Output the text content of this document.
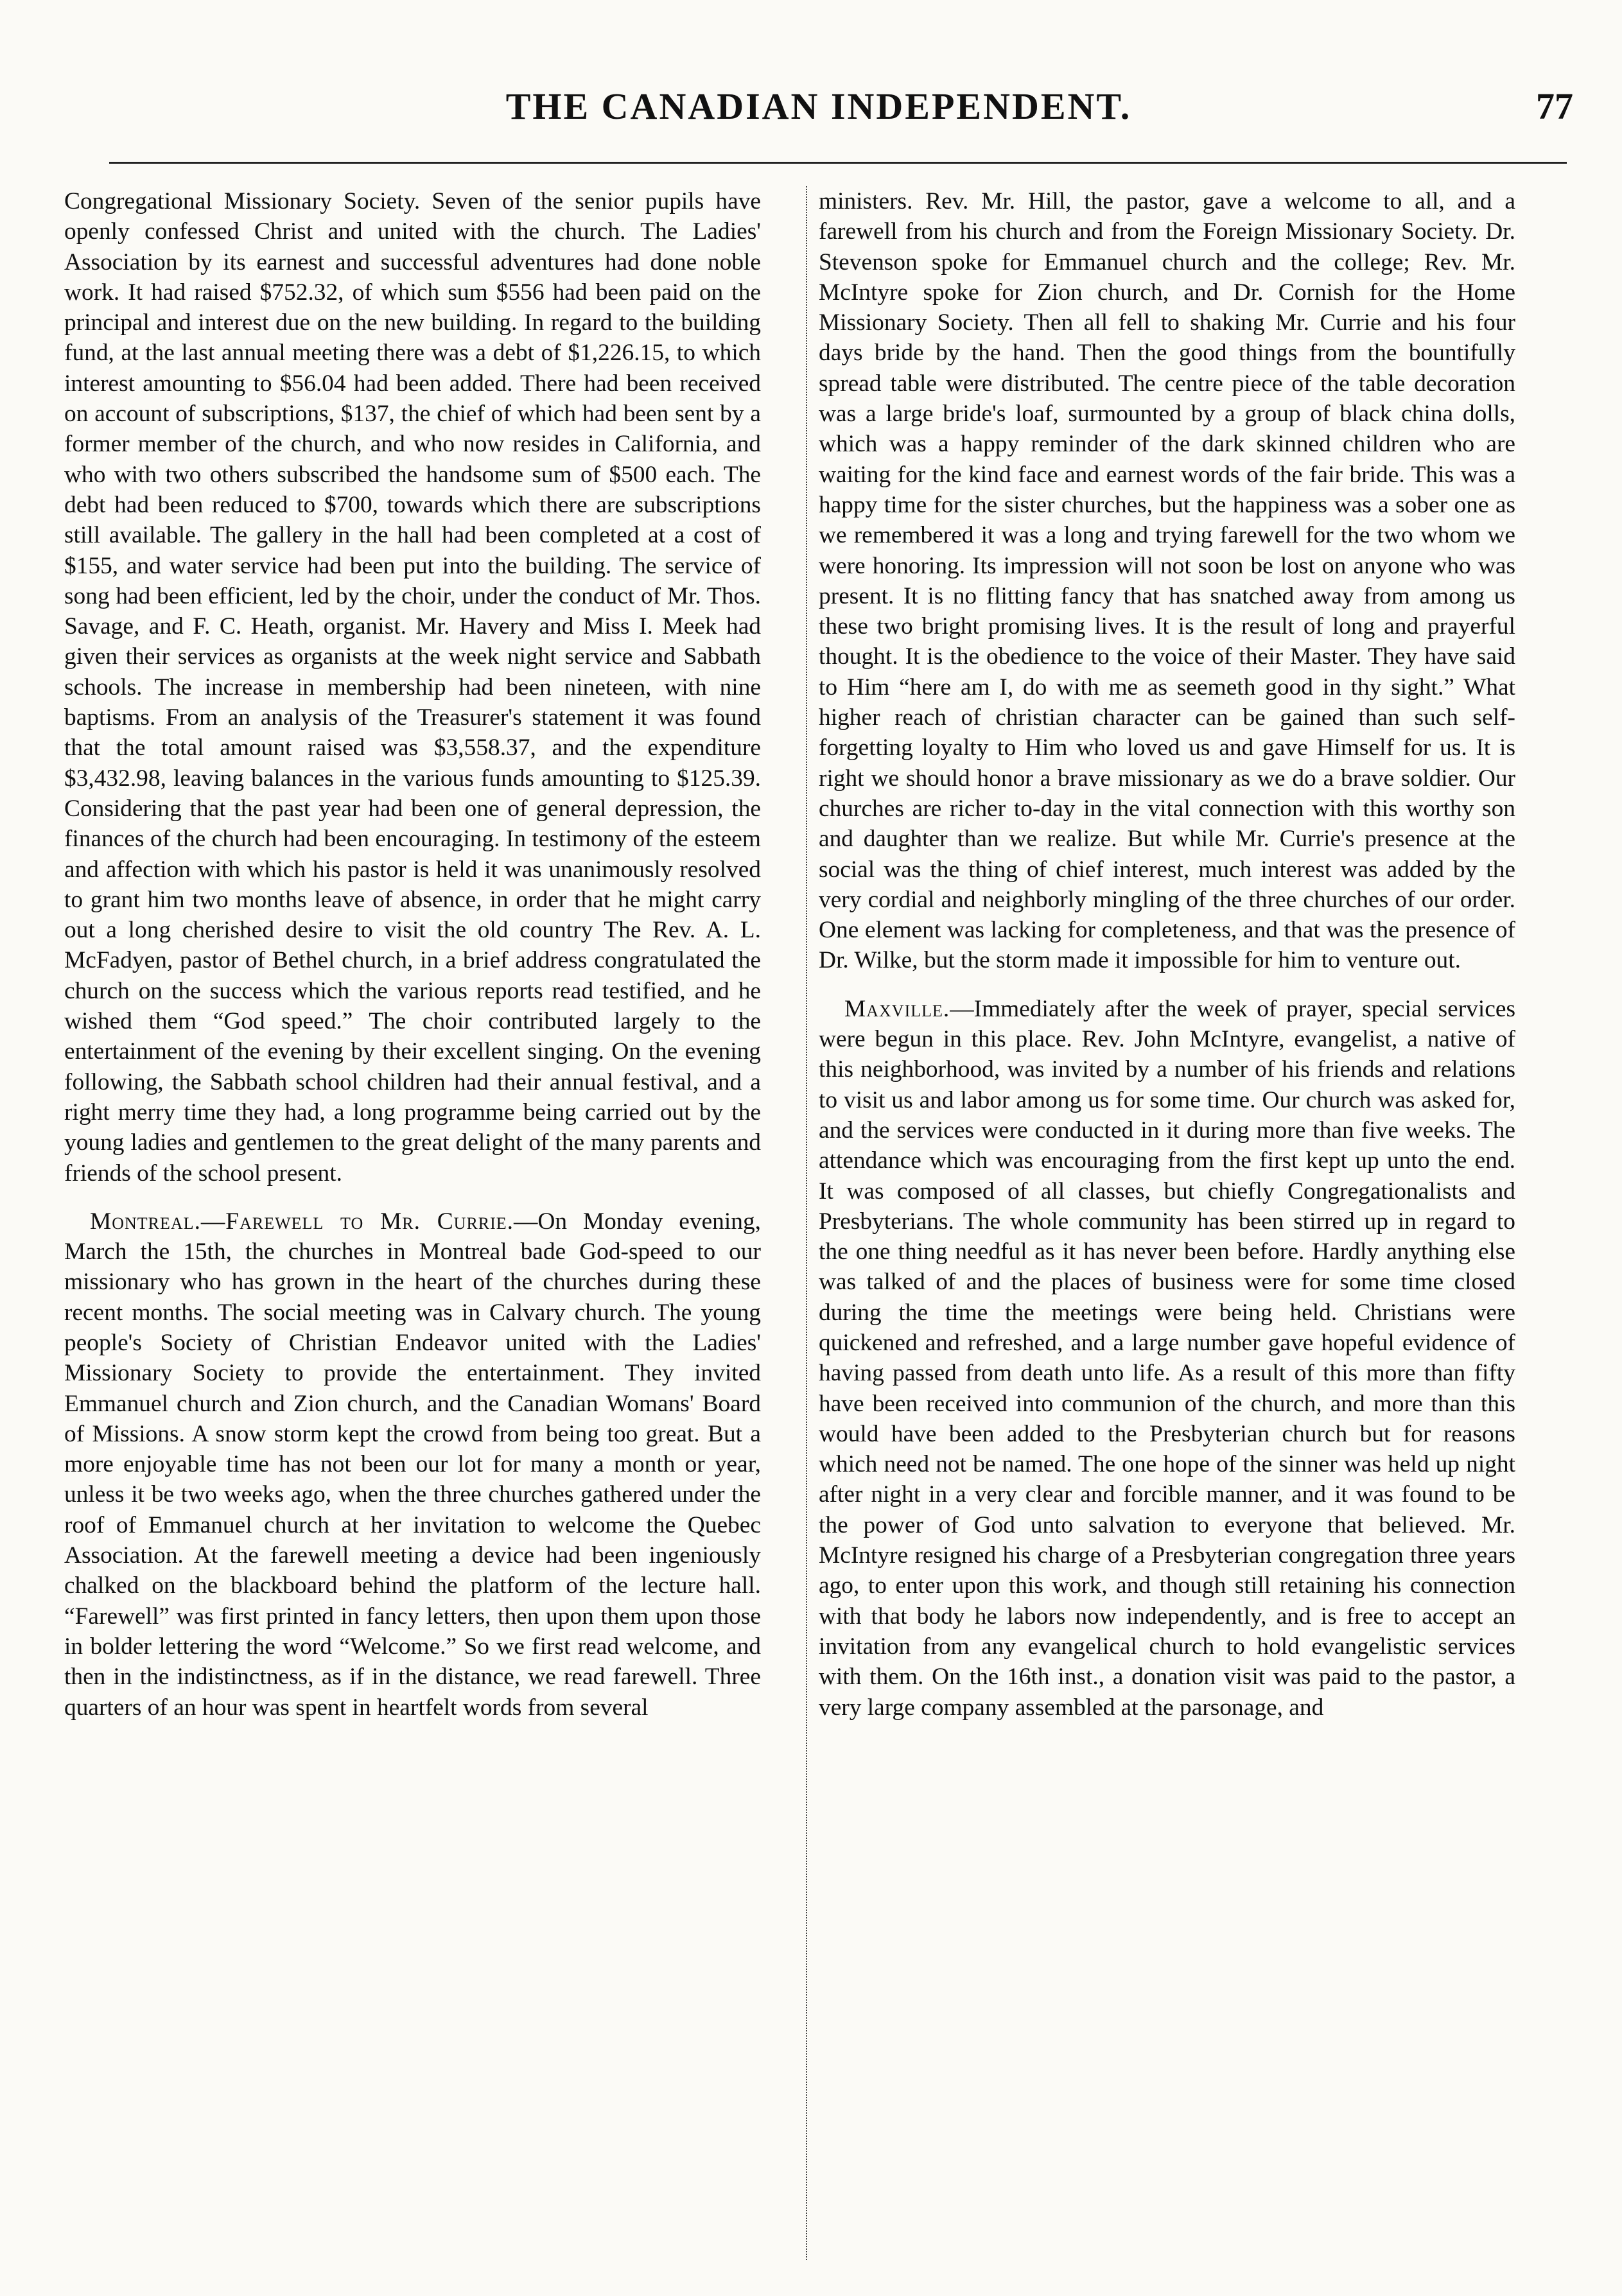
THE CANADIAN INDEPENDENT.	77

Congregational Missionary Society. Seven of the senior pupils have openly confessed Christ and united with the church. The Ladies' Association by its earnest and successful adventures had done noble work. It had raised $752.32, of which sum $556 had been paid on the principal and interest due on the new building. In regard to the building fund, at the last annual meeting there was a debt of $1,226.15, to which interest amounting to $56.04 had been added. There had been received on account of subscriptions, $137, the chief of which had been sent by a former member of the church, and who now resides in California, and who with two others subscribed the handsome sum of $500 each. The debt had been reduced to $700, towards which there are subscriptions still available. The gallery in the hall had been completed at a cost of $155, and water service had been put into the building. The service of song had been efficient, led by the choir, under the conduct of Mr. Thos. Savage, and F. C. Heath, organist. Mr. Havery and Miss I. Meek had given their services as organists at the week night service and Sabbath schools. The increase in membership had been nineteen, with nine baptisms. From an analysis of the Treasurer's statement it was found that the total amount raised was $3,558.37, and the expenditure $3,432.98, leaving balances in the various funds amounting to $125.39. Considering that the past year had been one of general depression, the finances of the church had been encouraging. In testimony of the esteem and affection with which his pastor is held it was unanimously resolved to grant him two months leave of absence, in order that he might carry out a long cherished desire to visit the old country The Rev. A. L. McFadyen, pastor of Bethel church, in a brief address congratulated the church on the success which the various reports read testified, and he wished them “God speed.” The choir contributed largely to the entertainment of the evening by their excellent singing. On the evening following, the Sabbath school children had their annual festival, and a right merry time they had, a long programme being carried out by the young ladies and gentlemen to the great delight of the many parents and friends of the school present.

Montreal.—Farewell to Mr. Currie.—On Monday evening, March the 15th, the churches in Montreal bade God-speed to our missionary who has grown in the heart of the churches during these recent months. The social meeting was in Calvary church. The young people's Society of Christian Endeavor united with the Ladies' Missionary Society to provide the entertainment. They invited Emmanuel church and Zion church, and the Canadian Womans' Board of Missions. A snow storm kept the crowd from being too great. But a more enjoyable time has not been our lot for many a month or year, unless it be two weeks ago, when the three churches gathered under the roof of Emmanuel church at her invitation to welcome the Quebec Association. At the farewell meeting a device had been ingeniously chalked on the blackboard behind the platform of the lecture hall. “Farewell” was first printed in fancy letters, then upon them upon those in bolder lettering the word “Welcome.” So we first read welcome, and then in the indistinctness, as if in the distance, we read farewell. Three quarters of an hour was spent in heartfelt words from several

ministers. Rev. Mr. Hill, the pastor, gave a welcome to all, and a farewell from his church and from the Foreign Missionary Society. Dr. Stevenson spoke for Emmanuel church and the college; Rev. Mr. McIntyre spoke for Zion church, and Dr. Cornish for the Home Missionary Society. Then all fell to shaking Mr. Currie and his four days bride by the hand. Then the good things from the bountifully spread table were distributed. The centre piece of the table decoration was a large bride's loaf, surmounted by a group of black china dolls, which was a happy reminder of the dark skinned children who are waiting for the kind face and earnest words of the fair bride. This was a happy time for the sister churches, but the happiness was a sober one as we remembered it was a long and trying farewell for the two whom we were honoring. Its impression will not soon be lost on anyone who was present. It is no flitting fancy that has snatched away from among us these two bright promising lives. It is the result of long and prayerful thought. It is the obedience to the voice of their Master. They have said to Him “here am I, do with me as seemeth good in thy sight.” What higher reach of christian character can be gained than such self-forgetting loyalty to Him who loved us and gave Himself for us. It is right we should honor a brave missionary as we do a brave soldier. Our churches are richer to-day in the vital connection with this worthy son and daughter than we realize. But while Mr. Currie's presence at the social was the thing of chief interest, much interest was added by the very cordial and neighborly mingling of the three churches of our order. One element was lacking for completeness, and that was the presence of Dr. Wilke, but the storm made it impossible for him to venture out.

Maxville.—Immediately after the week of prayer, special services were begun in this place. Rev. John McIntyre, evangelist, a native of this neighborhood, was invited by a number of his friends and relations to visit us and labor among us for some time. Our church was asked for, and the services were conducted in it during more than five weeks. The attendance which was encouraging from the first kept up unto the end. It was composed of all classes, but chiefly Congregationalists and Presbyterians. The whole community has been stirred up in regard to the one thing needful as it has never been before. Hardly anything else was talked of and the places of business were for some time closed during the time the meetings were being held. Christians were quickened and refreshed, and a large number gave hopeful evidence of having passed from death unto life. As a result of this more than fifty have been received into communion of the church, and more than this would have been added to the Presbyterian church but for reasons which need not be named. The one hope of the sinner was held up night after night in a very clear and forcible manner, and it was found to be the power of God unto salvation to everyone that believed. Mr. McIntyre resigned his charge of a Presbyterian congregation three years ago, to enter upon this work, and though still retaining his connection with that body he labors now independently, and is free to accept an invitation from any evangelical church to hold evangelistic services with them. On the 16th inst., a donation visit was paid to the pastor, a very large company assembled at the parsonage, and
